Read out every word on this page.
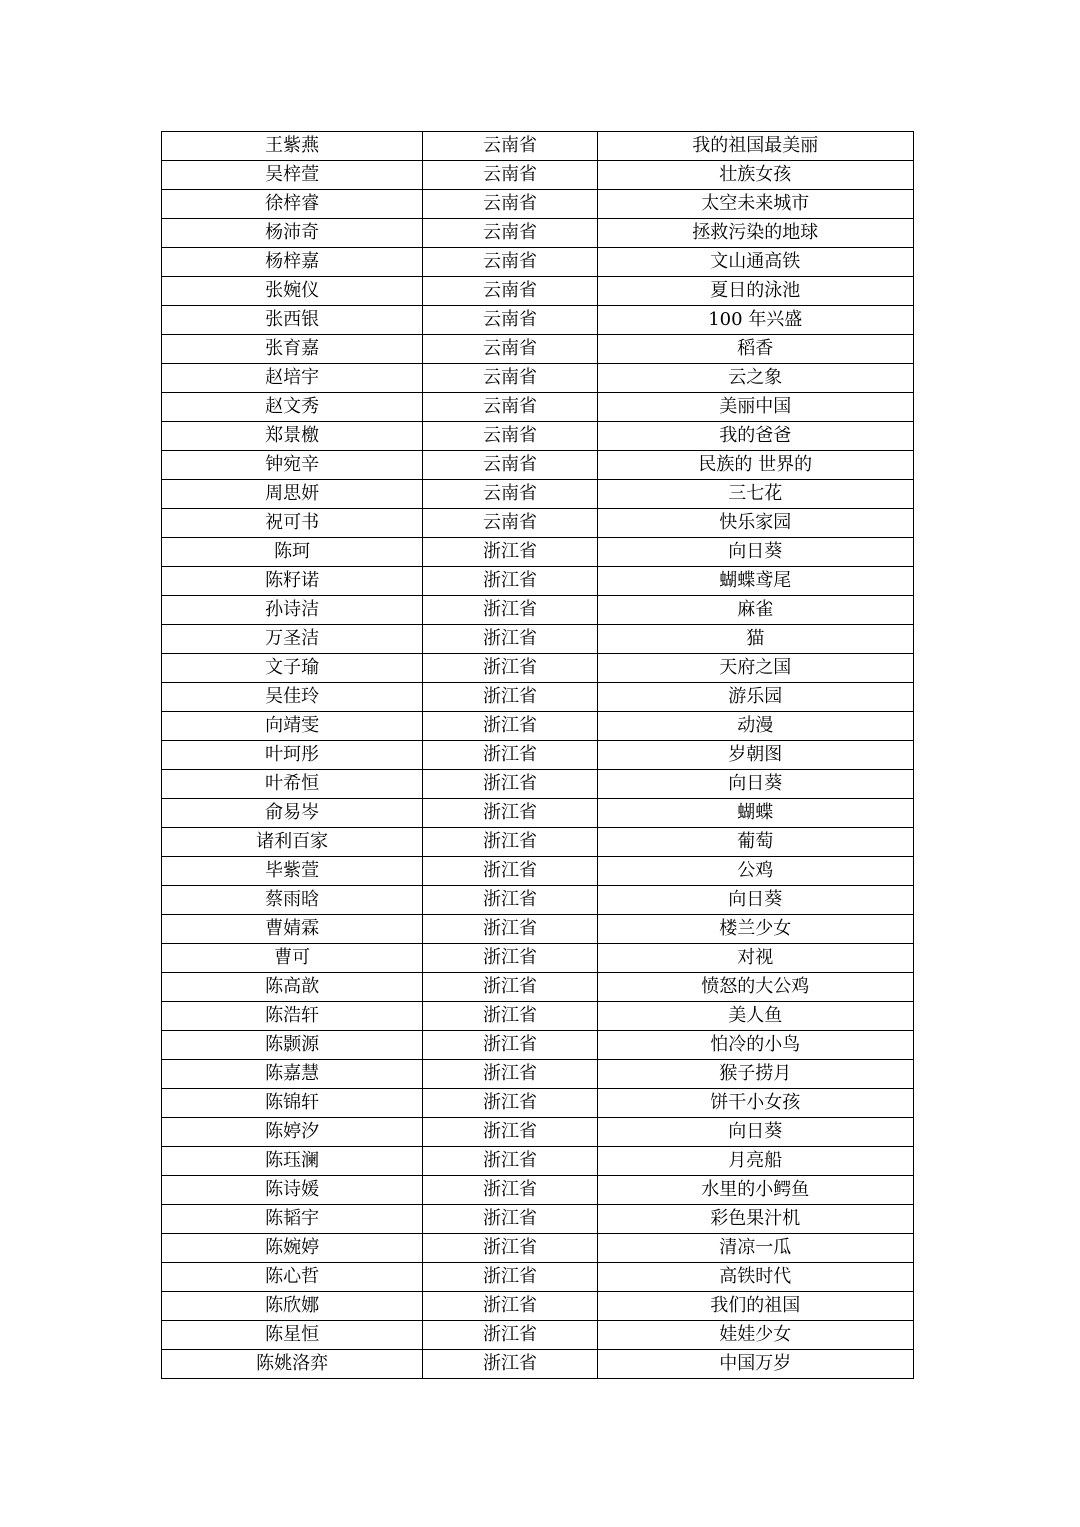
王紫燕	云南省	我的祖国最美丽
吴梓萱	云南省	壮族女孩
徐梓睿	云南省	太空未来城市
杨沛奇	云南省	拯救污染的地球
杨梓嘉	云南省	文山通高铁
张婉仪	云南省	夏日的泳池
张西银	云南省	100 年兴盛
张育嘉	云南省	稻香
赵培宇	云南省	云之象
赵文秀	云南省	美丽中国
郑景檄	云南省	我的爸爸
钟宛辛	云南省	民族的 世界的
周思妍	云南省	三七花
祝可书	云南省	快乐家园
陈珂	浙江省	向日葵
陈籽诺	浙江省	蝴蝶鸢尾
孙诗洁	浙江省	麻雀
万圣洁	浙江省	猫
文子瑜	浙江省	天府之国
吴佳玲	浙江省	游乐园
向靖雯	浙江省	动漫
叶珂彤	浙江省	岁朝图
叶希恒	浙江省	向日葵
俞易岑	浙江省	蝴蝶
诸利百家	浙江省	葡萄
毕紫萱	浙江省	公鸡
蔡雨晗	浙江省	向日葵
曹婧霖	浙江省	楼兰少女
曹可	浙江省	对视
陈高歆	浙江省	愤怒的大公鸡
陈浩轩	浙江省	美人鱼
陈颢源	浙江省	怕冷的小鸟
陈嘉慧	浙江省	猴子捞月
陈锦轩	浙江省	饼干小女孩
陈婷汐	浙江省	向日葵
陈珏澜	浙江省	月亮船
陈诗媛	浙江省	水里的小鳄鱼
陈韬宇	浙江省	彩色果汁机
陈婉婷	浙江省	清凉一瓜
陈心哲	浙江省	高铁时代
陈欣娜	浙江省	我们的祖国
陈星恒	浙江省	娃娃少女
陈姚洛弈	浙江省	中国万岁
